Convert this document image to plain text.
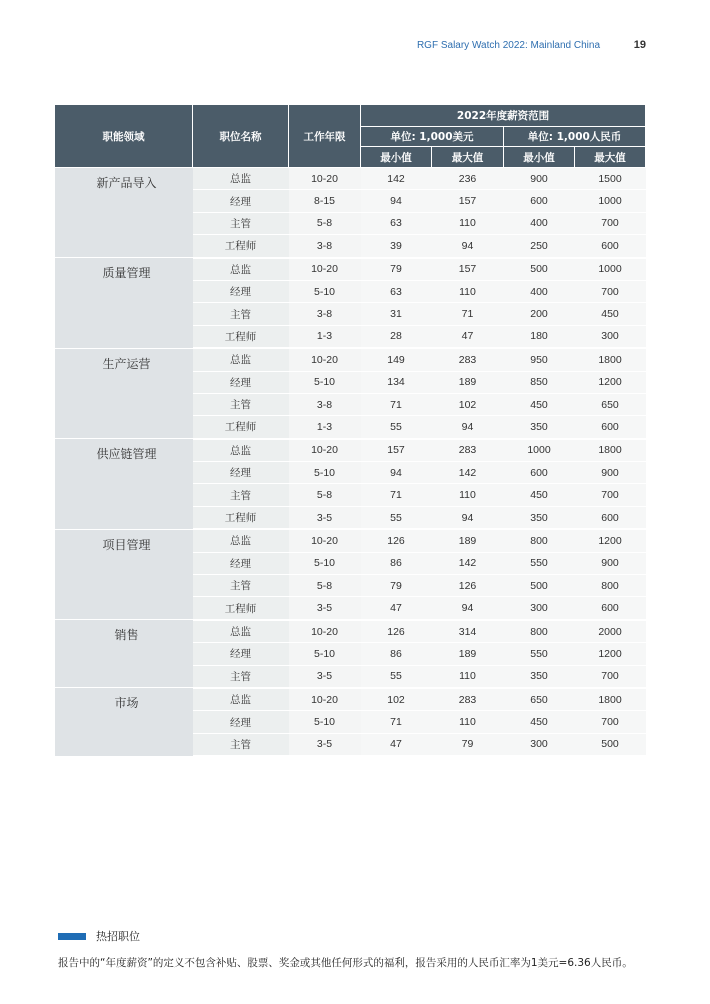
RGF Salary Watch 2022: Mainland China	19
职能领域	职位名称	工作年限	2022年度薪资范围			
			单位: 1,000美元		单位: 1,000人民币	
			最小值	最大值	最小值	最大值
新产品导入	总监	10-20	142	236	900	1500
	经理	8-15	94	157	600	1000
	主管	5-8	63	110	400	700
	工程师	3-8	39	94	250	600
质量管理	总监	10-20	79	157	500	1000
	经理	5-10	63	110	400	700
	主管	3-8	31	71	200	450
	工程师	1-3	28	47	180	300
生产运营	总监	10-20	149	283	950	1800
	经理	5-10	134	189	850	1200
	主管	3-8	71	102	450	650
	工程师	1-3	55	94	350	600
供应链管理	总监	10-20	157	283	1000	1800
	经理	5-10	94	142	600	900
	主管	5-8	71	110	450	700
	工程师	3-5	55	94	350	600
项目管理	总监	10-20	126	189	800	1200
	经理	5-10	86	142	550	900
	主管	5-8	79	126	500	800
	工程师	3-5	47	94	300	600
销售	总监	10-20	126	314	800	2000
	经理	5-10	86	189	550	1200
	主管	3-5	55	110	350	700
市场	总监	10-20	102	283	650	1800
	经理	5-10	71	110	450	700
	主管	3-5	47	79	300	500
热招职位
报告中的“年度薪资”的定义不包含补贴、股票、奖金或其他任何形式的福利，报告采用的人民币汇率为1美元=6.36人民币。
